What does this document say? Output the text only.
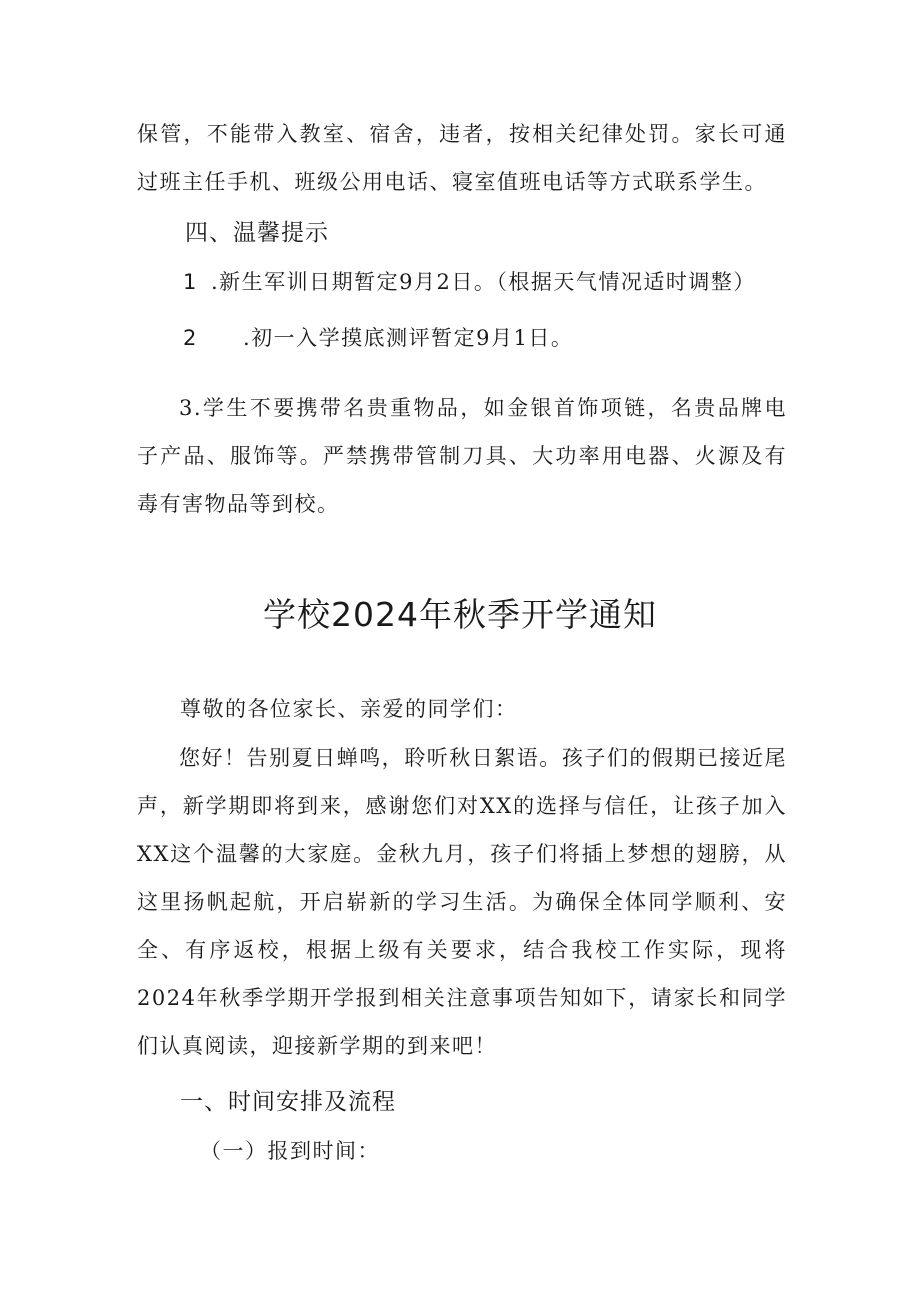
保管，不能带入教室、宿舍，违者，按相关纪律处罚。家长可通过班主任手机、班级公用电话、寝室值班电话等方式联系学生。

四、温馨提示

1 .新生军训日期暂定9月2日。（根据天气情况适时调整）

2 .初一入学摸底测评暂定9月1日。

3.学生不要携带名贵重物品，如金银首饰项链，名贵品牌电子产品、服饰等。严禁携带管制刀具、大功率用电器、火源及有毒有害物品等到校。

学校2024年秋季开学通知

尊敬的各位家长、亲爱的同学们：

您好！告别夏日蝉鸣，聆听秋日絮语。孩子们的假期已接近尾声，新学期即将到来，感谢您们对XX的选择与信任，让孩子加入XX这个温馨的大家庭。金秋九月，孩子们将插上梦想的翅膀，从这里扬帆起航，开启崭新的学习生活。为确保全体同学顺利、安全、有序返校，根据上级有关要求，结合我校工作实际，现将2024年秋季学期开学报到相关注意事项告知如下，请家长和同学们认真阅读，迎接新学期的到来吧！

一、时间安排及流程

（一）报到时间：
